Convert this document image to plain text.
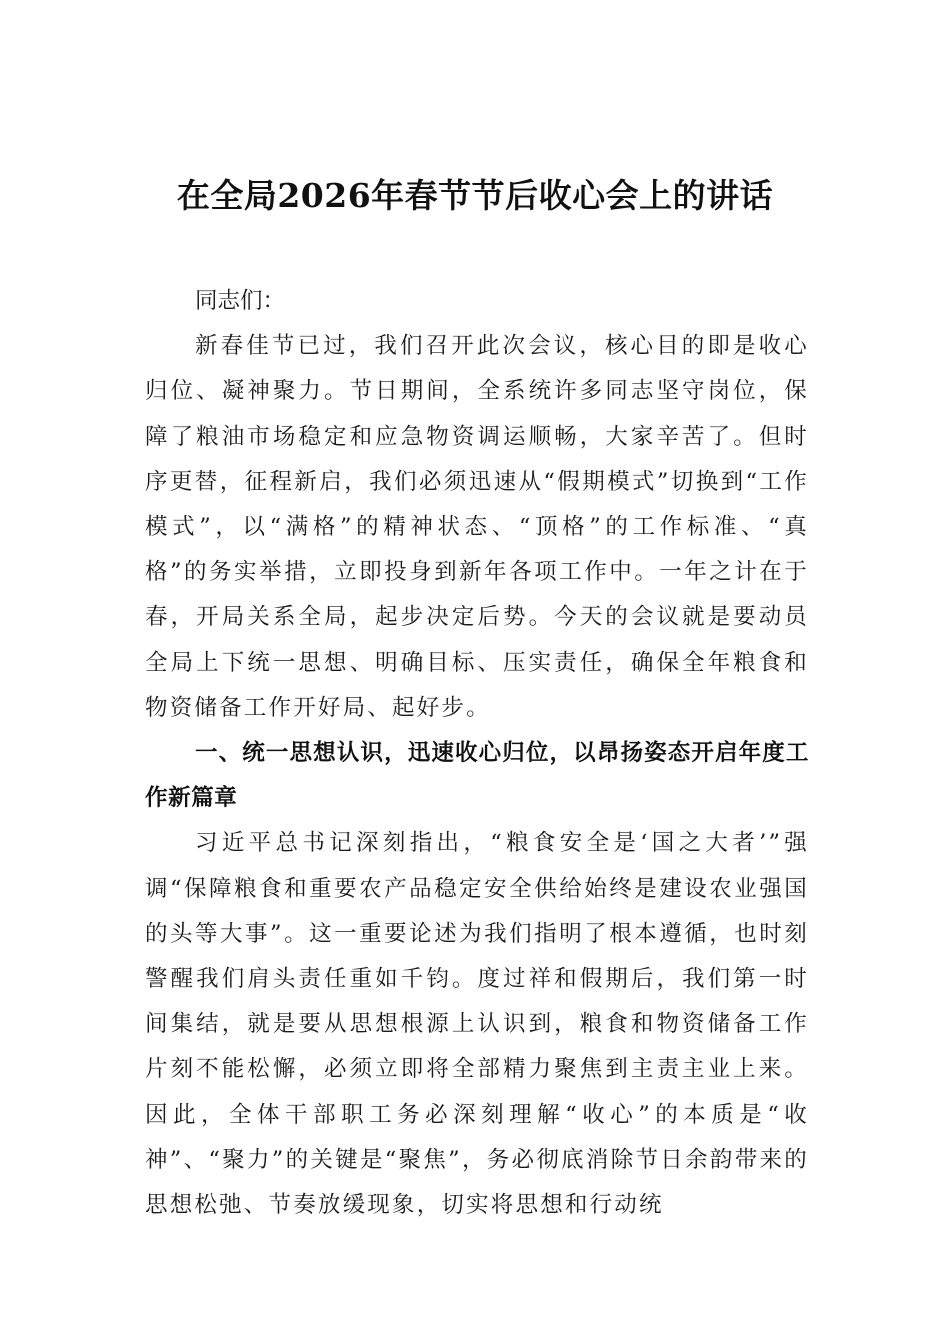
在全局2026年春节节后收心会上的讲话

同志们：

新春佳节已过，我们召开此次会议，核心目的即是收心归位、凝神聚力。节日期间，全系统许多同志坚守岗位，保障了粮油市场稳定和应急物资调运顺畅，大家辛苦了。但时序更替，征程新启，我们必须迅速从“假期模式”切换到“工作模式”，以“满格”的精神状态、“顶格”的工作标准、“真格”的务实举措，立即投身到新年各项工作中。一年之计在于春，开局关系全局，起步决定后势。今天的会议就是要动员全局上下统一思想、明确目标、压实责任，确保全年粮食和物资储备工作开好局、起好步。

一、统一思想认识，迅速收心归位，以昂扬姿态开启年度工作新篇章

习近平总书记深刻指出，“粮食安全是‘国之大者’”强调“保障粮食和重要农产品稳定安全供给始终是建设农业强国的头等大事”。这一重要论述为我们指明了根本遵循，也时刻警醒我们肩头责任重如千钧。度过祥和假期后，我们第一时间集结，就是要从思想根源上认识到，粮食和物资储备工作片刻不能松懈，必须立即将全部精力聚焦到主责主业上来。因此，全体干部职工务必深刻理解“收心”的本质是“收神”、“聚力”的关键是“聚焦”，务必彻底消除节日余韵带来的思想松弛、节奏放缓现象，切实将思想和行动统
